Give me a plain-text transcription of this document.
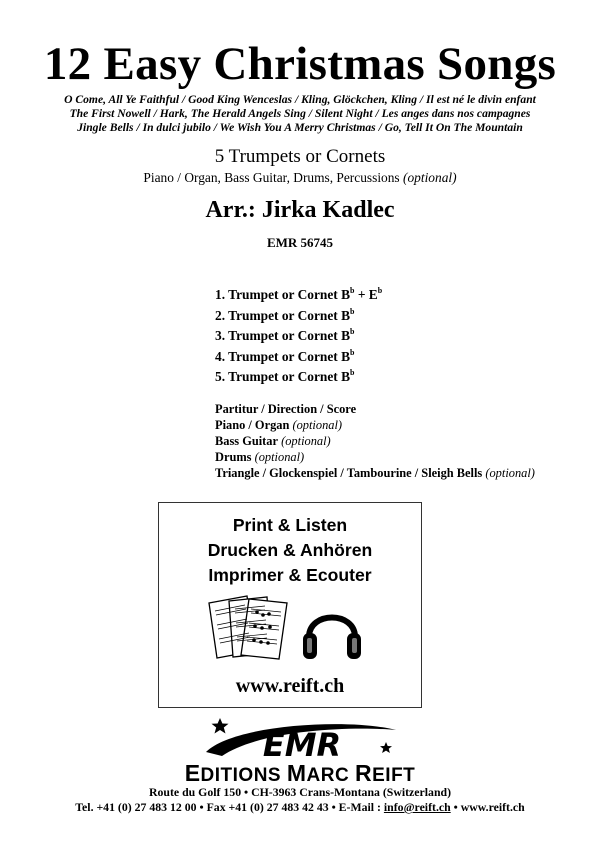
12 Easy Christmas Songs
O Come, All Ye Faithful / Good King Wenceslas / Kling, Glöckchen, Kling / Il est né le divin enfant
The First Nowell / Hark, The Herald Angels Sing / Silent Night / Les anges dans nos campagnes
Jingle Bells / In dulci jubilo / We Wish You A Merry Christmas / Go, Tell It On The Mountain
5 Trumpets or Cornets
Piano / Organ, Bass Guitar, Drums, Percussions (optional)
Arr.: Jirka Kadlec
EMR 56745
1. Trumpet or Cornet $B^b + E^b$
2. Trumpet or Cornet $B^b$
3. Trumpet or Cornet $B^b$
4. Trumpet or Cornet $B^b$
5. Trumpet or Cornet $B^b$
Partitur / Direction / Score
Piano / Organ (optional)
Bass Guitar (optional)
Drums (optional)
Triangle / Glockenspiel / Tambourine / Sleigh Bells (optional)
Print & Listen
Drucken & Anhören
Imprimer & Ecouter
www.reift.ch
EMR
EDITIONS MARC REIFT
Route du Golf 150 • CH-3963 Crans-Montana (Switzerland)
Tel. +41 (0) 27 483 12 00 • Fax +41 (0) 27 483 42 43 • E-Mail : info@reift.ch • www.reift.ch
